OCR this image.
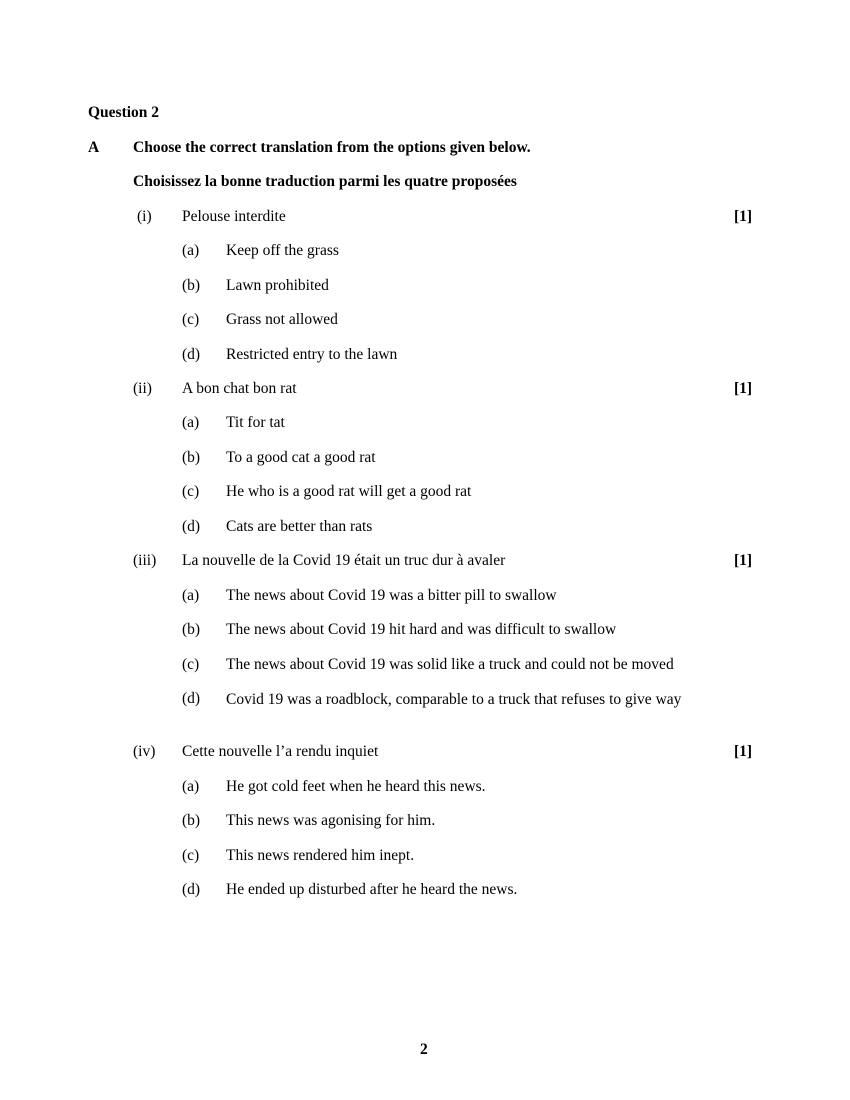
Question 2
A Choose the correct translation from the options given below.
Choisissez la bonne traduction parmi les quatre proposées
(i) Pelouse interdite	[1]
(a) Keep off the grass
(b) Lawn prohibited
(c) Grass not allowed
(d) Restricted entry to the lawn
(ii) A bon chat bon rat	[1]
(a) Tit for tat
(b) To a good cat a good rat
(c) He who is a good rat will get a good rat
(d) Cats are better than rats
(iii) La nouvelle de la Covid 19 était un truc dur à avaler	[1]
(a) The news about Covid 19 was a bitter pill to swallow
(b) The news about Covid 19 hit hard and was difficult to swallow
(c) The news about Covid 19 was solid like a truck and could not be moved
(d) Covid 19 was a roadblock, comparable to a truck that refuses to give way
(iv) Cette nouvelle l’a rendu inquiet	[1]
(a) He got cold feet when he heard this news.
(b) This news was agonising for him.
(c) This news rendered him inept.
(d) He ended up disturbed after he heard the news.
2
